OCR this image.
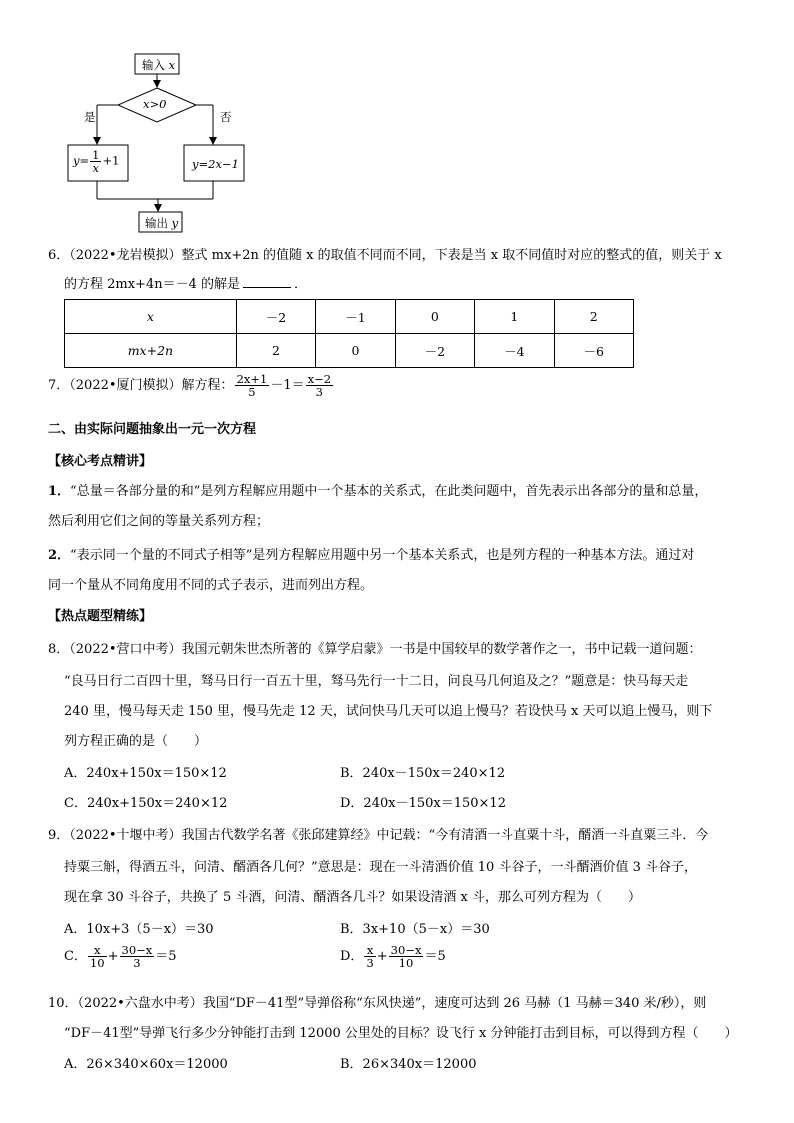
输入 x
x>0
是	否
$y= \frac{1}{x} +1$	y=2x−1
输出 y
6．（2022•龙岩模拟）整式 mx+2n 的值随 x 的取值不同而不同，下表是当 x 取不同值时对应的整式的值，则关于 x
的方程 2mx+4n＝－4 的解是	．
x	－2	－1	0	1	2
mx+2n	2	0	－2	－4	－6
7．（2022•厦门模拟）解方程： $\frac{2x+1}{5} -1= \frac{x-2}{3}$
二、由实际问题抽象出一元一次方程
【核心考点精讲】
1．“总量＝各部分量的和”是列方程解应用题中一个基本的关系式，在此类问题中，首先表示出各部分的量和总量，
然后利用它们之间的等量关系列方程；
2．“表示同一个量的不同式子相等”是列方程解应用题中另一个基本关系式，也是列方程的一种基本方法。通过对
同一个量从不同角度用不同的式子表示，进而列出方程。
【热点题型精练】
8．（2022•营口中考）我国元朝朱世杰所著的《算学启蒙》一书是中国较早的数学著作之一，书中记载一道问题：
“良马日行二百四十里，驽马日行一百五十里，驽马先行一十二日，问良马几何追及之？”题意是：快马每天走
240 里，慢马每天走 150 里，慢马先走 12 天，试问快马几天可以追上慢马？若设快马 x 天可以追上慢马，则下
列方程正确的是（　　）
A．240x+150x＝150×12	B．240x－150x＝240×12
C．240x+150x＝240×12	D．240x－150x＝150×12
9．（2022•十堰中考）我国古代数学名著《张邱建算经》中记载：“今有清酒一斗直粟十斗，醑酒一斗直粟三斗．今
持粟三斛，得酒五斗，问清、醑酒各几何？”意思是：现在一斗清酒价值 10 斗谷子，一斗醑酒价值 3 斗谷子，
现在拿 30 斗谷子，共换了 5 斗酒，问清、醑酒各几斗？如果设清酒 x 斗，那么可列方程为（　　）
A．10x+3（5－x）＝30	B．3x+10（5－x）＝30
C． $\frac{x}{10} + \frac{30-x}{3} =5$	D． $\frac{x}{3} + \frac{30-x}{10} =5$
10．（2022•六盘水中考）我国“DF－41型”导弹俗称“东风快递”，速度可达到 26 马赫（1 马赫＝340 米/秒），则
“DF－41型”导弹飞行多少分钟能打击到 12000 公里处的目标？设飞行 x 分钟能打击到目标，可以得到方程（　　）
A．26×340×60x＝12000	B．26×340x＝12000
